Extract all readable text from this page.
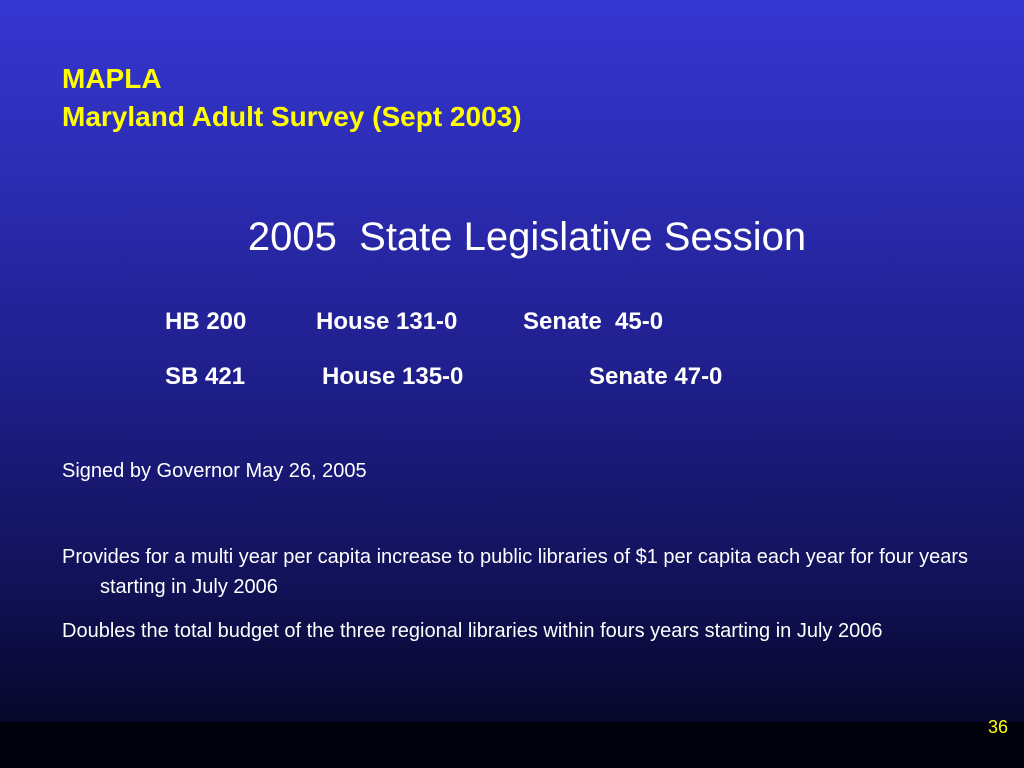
MAPLA
Maryland Adult Survey (Sept 2003)
2005  State Legislative Session
HB 200	House 131-0	Senate  45-0
SB 421	House 135-0	Senate 47-0
Signed by Governor May 26, 2005
Provides for a multi year per capita increase to public libraries of $1 per capita each year for four years starting in July 2006
Doubles the total budget of the three regional libraries within fours years starting in July 2006
36
